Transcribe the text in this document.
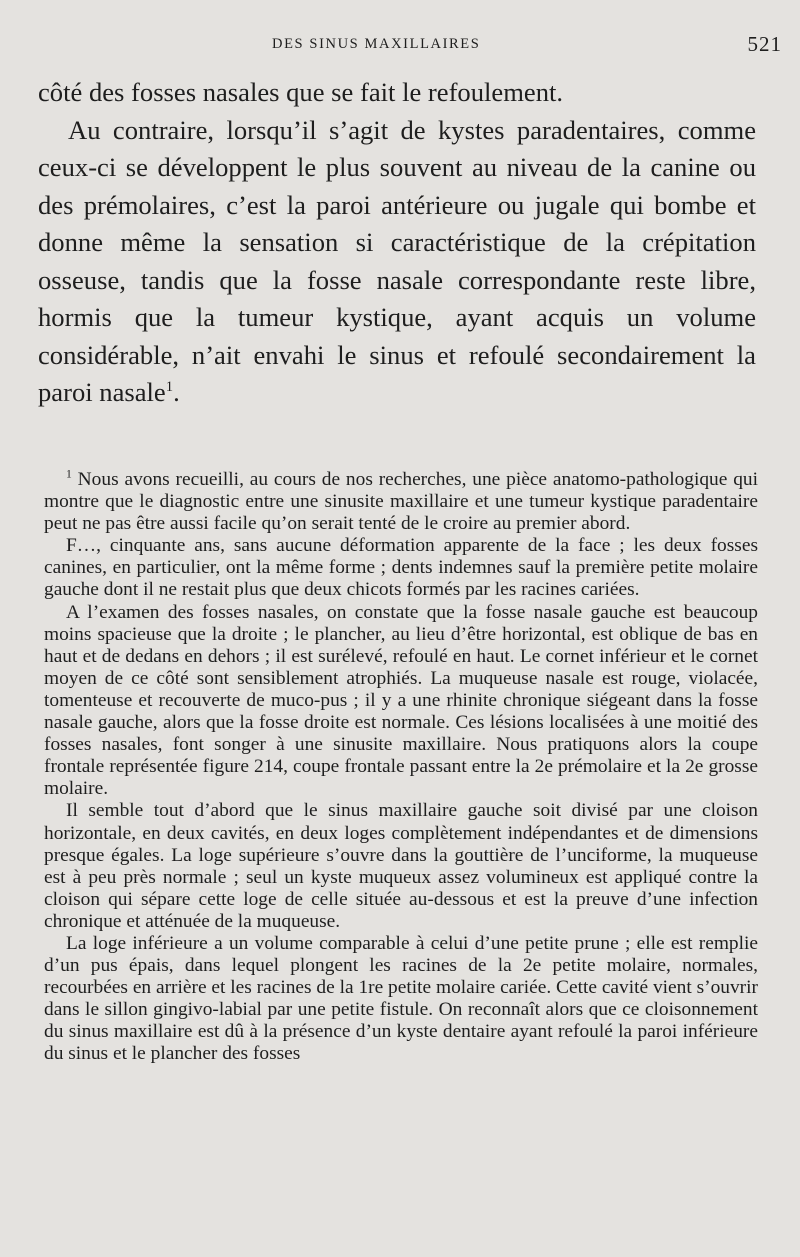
DES SINUS MAXILLAIRES	521

côté des fosses nasales que se fait le refoulement.

Au contraire, lorsqu’il s’agit de kystes paradentaires, comme ceux-ci se développent le plus souvent au niveau de la canine ou des prémolaires, c’est la paroi antérieure ou jugale qui bombe et donne même la sensation si caractéristique de la crépitation osseuse, tandis que la fosse nasale correspondante reste libre, hormis que la tumeur kystique, ayant acquis un volume considérable, n’ait envahi le sinus et refoulé secondairement la paroi nasale$^1$.

$^1$ Nous avons recueilli, au cours de nos recherches, une pièce anatomo-pathologique qui montre que le diagnostic entre une sinusite maxillaire et une tumeur kystique paradentaire peut ne pas être aussi facile qu’on serait tenté de le croire au premier abord.

F…, cinquante ans, sans aucune déformation apparente de la face ; les deux fosses canines, en particulier, ont la même forme ; dents indemnes sauf la première petite molaire gauche dont il ne restait plus que deux chicots formés par les racines cariées.

A l’examen des fosses nasales, on constate que la fosse nasale gauche est beaucoup moins spacieuse que la droite ; le plancher, au lieu d’être horizontal, est oblique de bas en haut et de dedans en dehors ; il est surélevé, refoulé en haut. Le cornet inférieur et le cornet moyen de ce côté sont sensiblement atrophiés. La muqueuse nasale est rouge, violacée, tomenteuse et recouverte de muco-pus ; il y a une rhinite chronique siégeant dans la fosse nasale gauche, alors que la fosse droite est normale. Ces lésions localisées à une moitié des fosses nasales, font songer à une sinusite maxillaire. Nous pratiquons alors la coupe frontale représentée figure 214, coupe frontale passant entre la 2e prémolaire et la 2e grosse molaire.

Il semble tout d’abord que le sinus maxillaire gauche soit divisé par une cloison horizontale, en deux cavités, en deux loges complètement indépendantes et de dimensions presque égales. La loge supérieure s’ouvre dans la gouttière de l’unciforme, la muqueuse est à peu près normale ; seul un kyste muqueux assez volumineux est appliqué contre la cloison qui sépare cette loge de celle située au-dessous et est la preuve d’une infection chronique et atténuée de la muqueuse.

La loge inférieure a un volume comparable à celui d’une petite prune ; elle est remplie d’un pus épais, dans lequel plongent les racines de la 2e petite molaire, normales, recourbées en arrière et les racines de la 1re petite molaire cariée. Cette cavité vient s’ouvrir dans le sillon gingivo-labial par une petite fistule. On reconnaît alors que ce cloisonnement du sinus maxillaire est dû à la présence d’un kyste dentaire ayant refoulé la paroi inférieure du sinus et le plancher des fosses
